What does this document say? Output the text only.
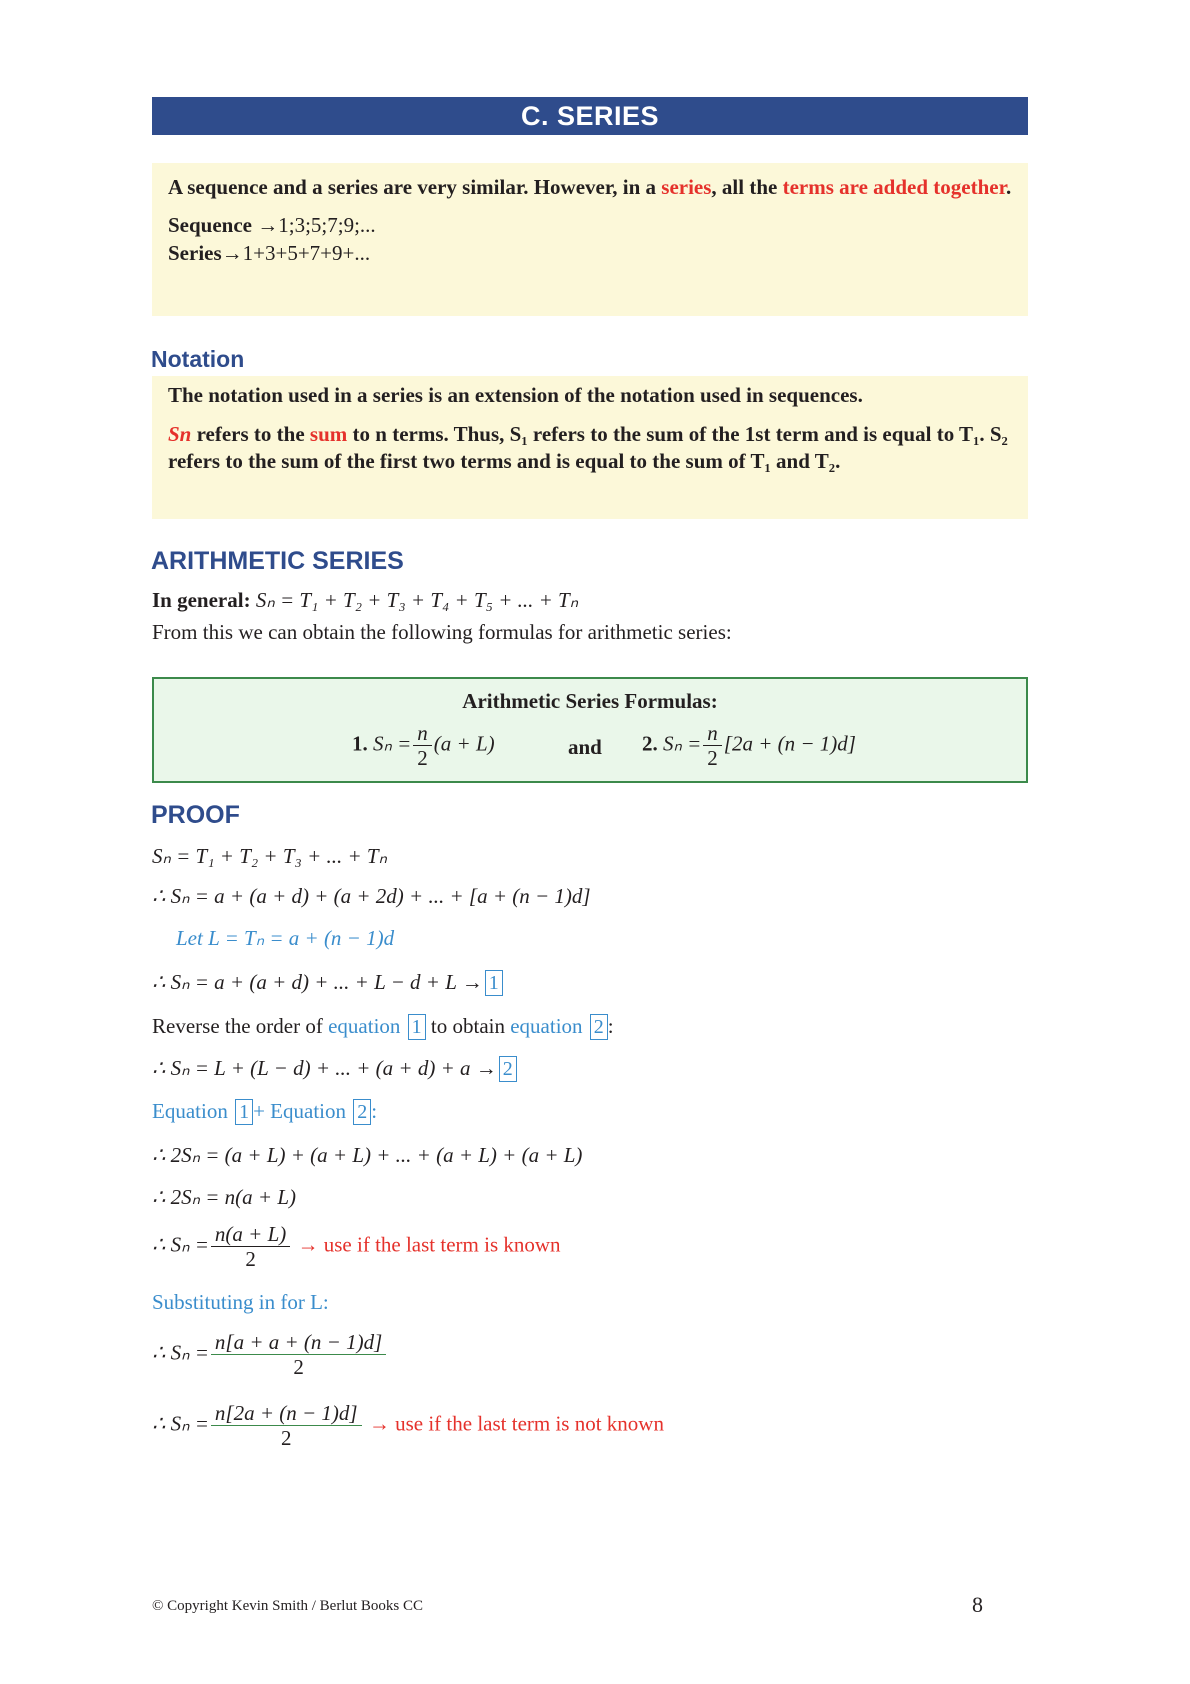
C. SERIES

A sequence and a series are very similar. However, in a series, all the terms are added together.

Sequence →1;3;5;7;9;...

Series→1+3+5+7+9+...

Notation

The notation used in a series is an extension of the notation used in sequences.

Sn refers to the sum to n terms. Thus, S₁ refers to the sum of the 1st term and is equal to T₁. S₂ refers to the sum of the first two terms and is equal to the sum of T₁ and T₂.

ARITHMETIC SERIES
In general: Sₙ = T₁ + T₂ + T₃ + T₄ + T₅ + ... + Tₙ
From this we can obtain the following formulas for arithmetic series:
Arithmetic Series Formulas:
1. $S_n = \frac{n}{2} (a + L)$	and 2. $S_n = \frac{n}{2} [2a + (n - 1)d]$
PROOF
Sₙ = T₁ + T₂ + T₃ + ... + Tₙ
∴ Sₙ = a + (a + d) + (a + 2d) + ... + [a + (n − 1)d]
Let L = Tₙ = a + (n − 1)d
∴ Sₙ = a + (a + d) + ... + L − d + L → 1
Reverse the order of equation 1 to obtain equation 2 :
∴ Sₙ = L + (L − d) + ... + (a + d) + a → 2
Equation 1 + Equation 2 :
∴ 2Sₙ = (a + L) + (a + L) + ... + (a + L) + (a + L)
∴ 2Sₙ = n(a + L)
∴ $S_n = \frac{n(a + L)}{2}$ → use if the last term is known
Substituting in for L:
∴ $S_n = \frac{n[a + a + (n - 1)d]}{2}$
∴ $S_n = \frac{n[2a + (n - 1)d]}{2}$ → use if the last term is not known
© Copyright Kevin Smith / Berlut Books CC	8
